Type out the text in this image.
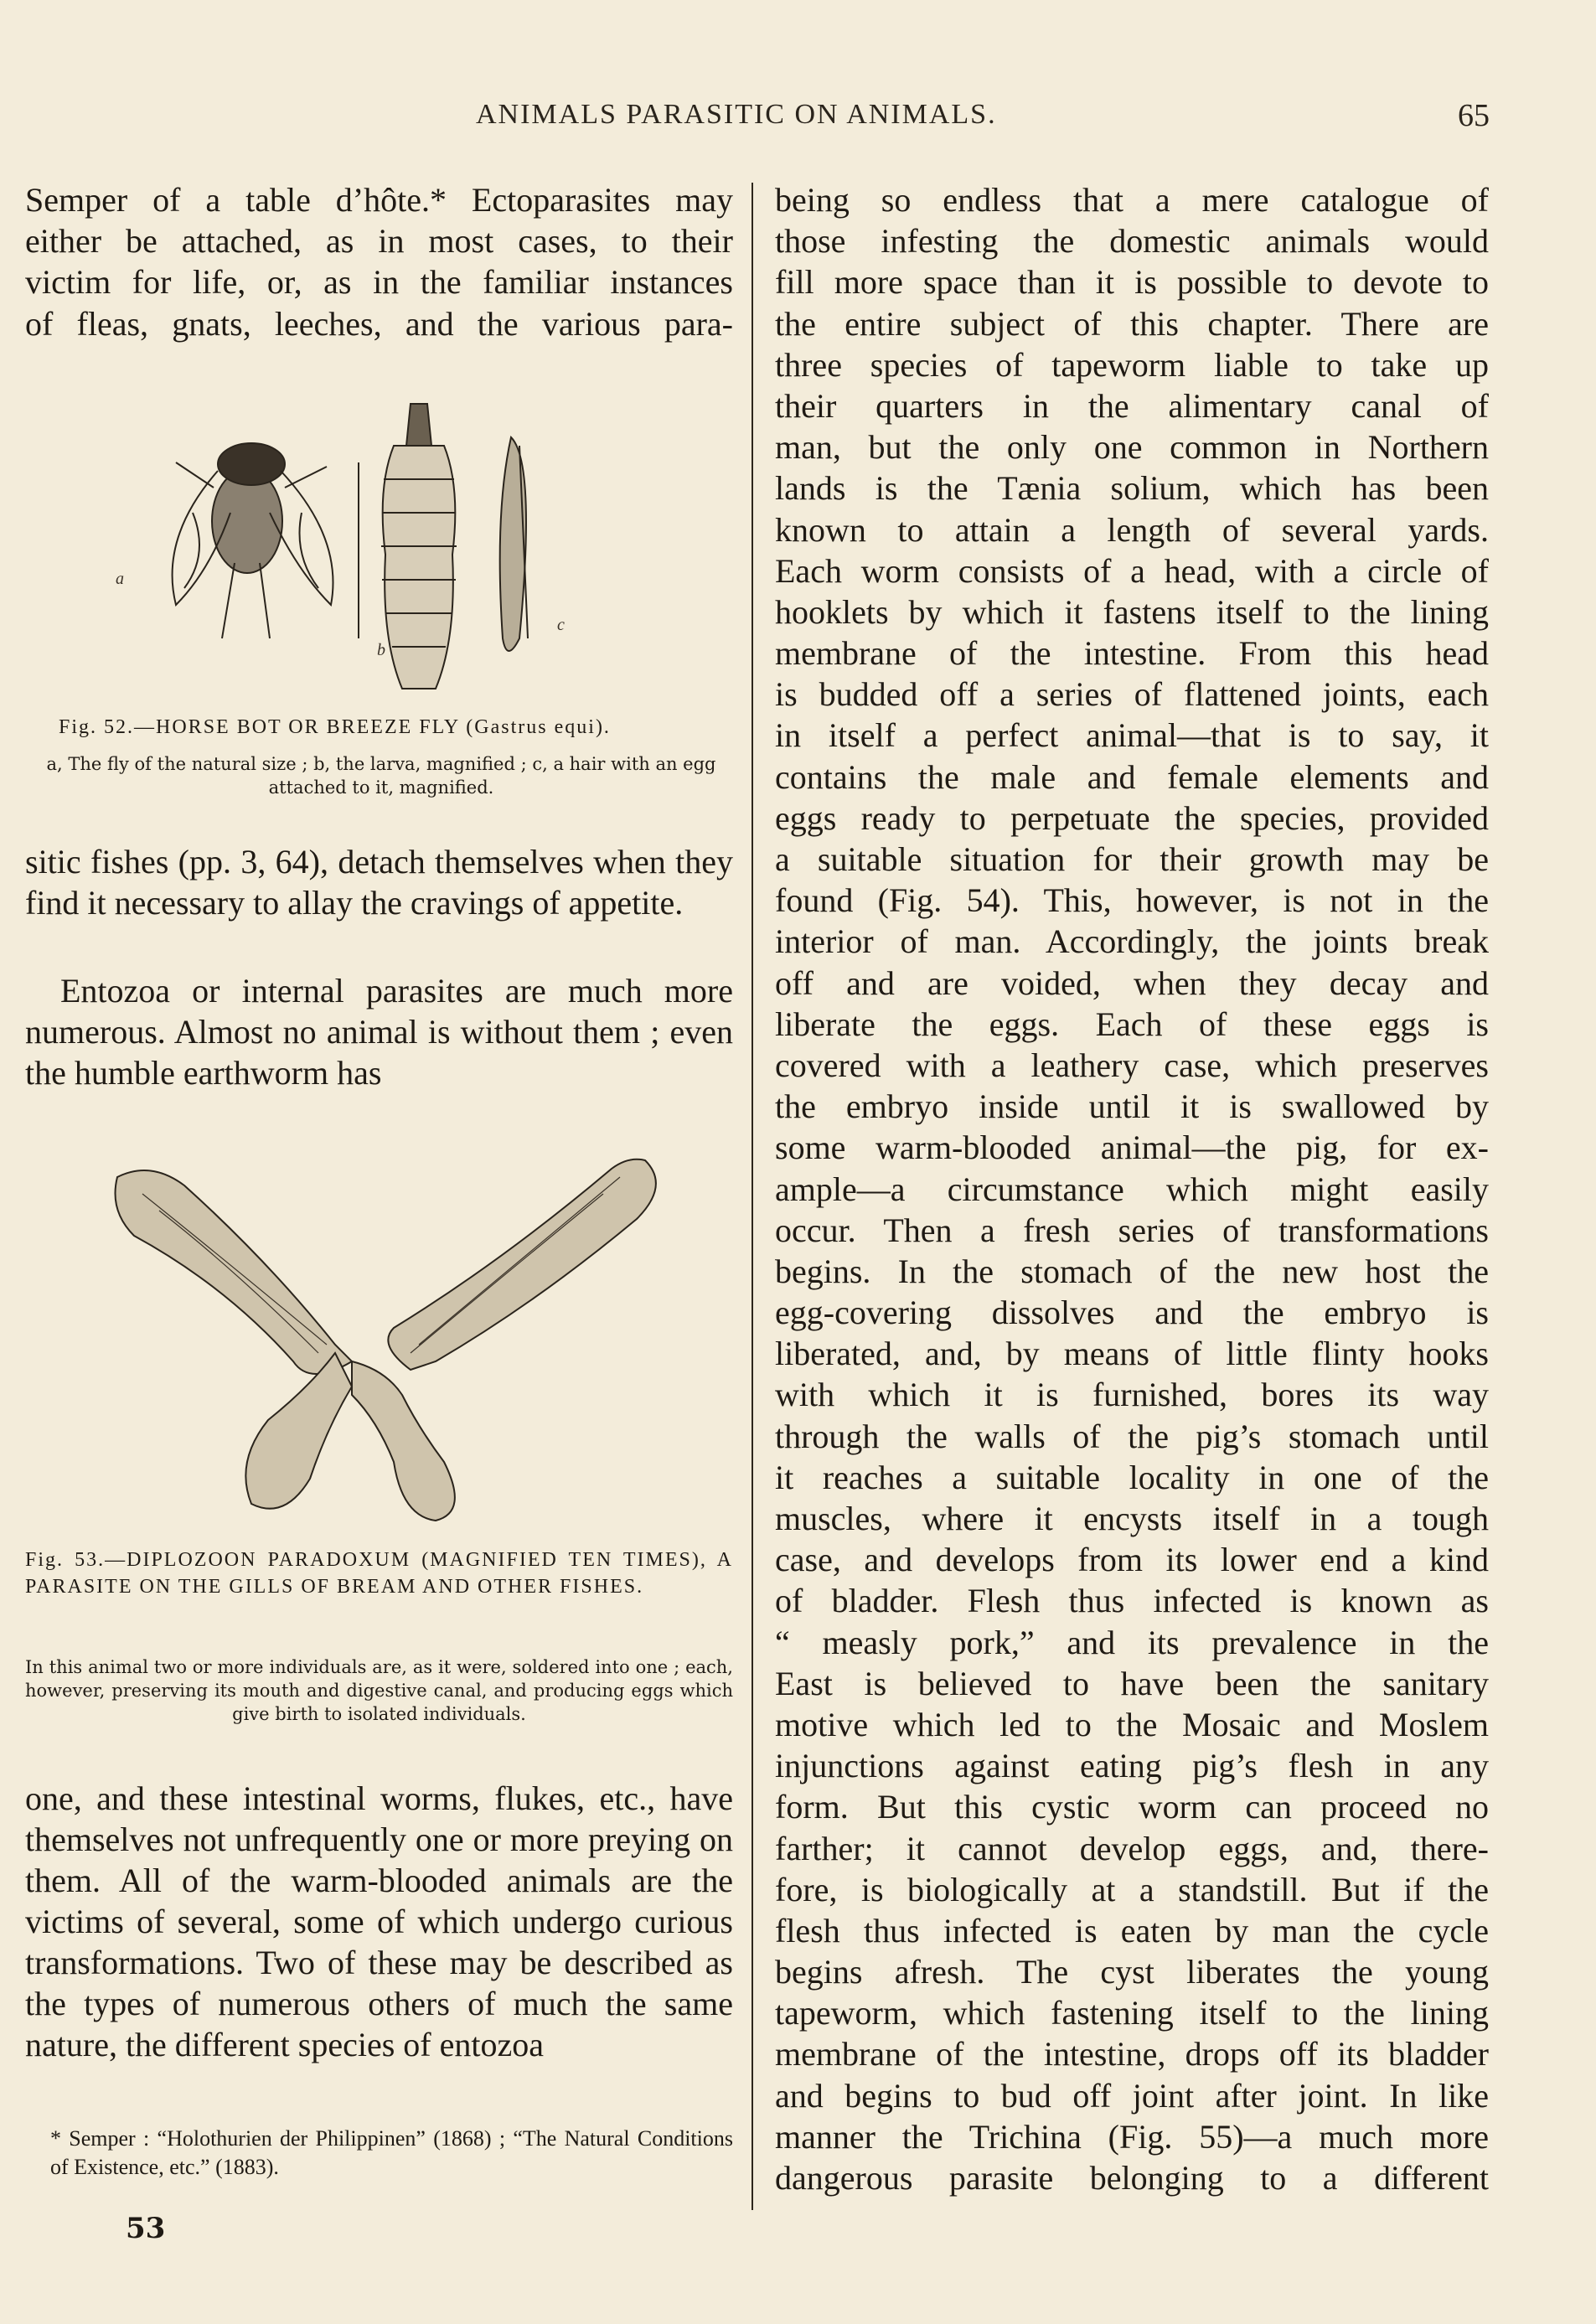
ANIMALS PARASITIC ON ANIMALS.	65
Semper of a table d’hôte.* Ectoparasites may
either be attached, as in most cases, to their
victim for life, or, as in the familiar instances
of fleas, gnats, leeches, and the various para-
a
b
c
Fig. 52.—HORSE BOT OR BREEZE FLY (Gastrus equi).
a, The fly of the natural size ; b, the larva, magnified ; c, a hair with an egg attached to it, magnified.

sitic fishes (pp. 3, 64), detach themselves when they find it necessary to allay the cravings of appetite.

Entozoa or internal parasites are much more numerous. Almost no animal is without them ; even the humble earthworm has

Fig. 53.—DIPLOZOON PARADOXUM (MAGNIFIED TEN TIMES), A PARASITE ON THE GILLS OF BREAM AND OTHER FISHES.
In this animal two or more individuals are, as it were, soldered into one ; each, however, preserving its mouth and digestive canal, and producing eggs which give birth to isolated individuals.

one, and these intestinal worms, flukes, etc., have themselves not unfrequently one or more preying on them. All of the warm-blooded animals are the victims of several, some of which undergo curious transformations. Two of these may be described as the types of numerous others of much the same nature, the different species of entozoa

* Semper : “Holothurien der Philippinen” (1868) ; “The Natural Conditions of Existence, etc.” (1883).
53
being so endless that a mere catalogue of
those infesting the domestic animals would
fill more space than it is possible to devote to
the entire subject of this chapter. There are
three species of tapeworm liable to take up
their quarters in the alimentary canal of
man, but the only one common in Northern
lands is the Tænia solium, which has been
known to attain a length of several yards.
Each worm consists of a head, with a circle of
hooklets by which it fastens itself to the lining
membrane of the intestine. From this head
is budded off a series of flattened joints, each
in itself a perfect animal—that is to say, it
contains the male and female elements and
eggs ready to perpetuate the species, provided
a suitable situation for their growth may be
found (Fig. 54). This, however, is not in the
interior of man. Accordingly, the joints break
off and are voided, when they decay and
liberate the eggs. Each of these eggs is
covered with a leathery case, which preserves
the embryo inside until it is swallowed by
some warm-blooded animal—the pig, for ex-
ample—a circumstance which might easily
occur. Then a fresh series of transformations
begins. In the stomach of the new host the
egg-covering dissolves and the embryo is
liberated, and, by means of little flinty hooks
with which it is furnished, bores its way
through the walls of the pig’s stomach until
it reaches a suitable locality in one of the
muscles, where it encysts itself in a tough
case, and develops from its lower end a kind
of bladder. Flesh thus infected is known as
“ measly pork,” and its prevalence in the
East is believed to have been the sanitary
motive which led to the Mosaic and Moslem
injunctions against eating pig’s flesh in any
form. But this cystic worm can proceed no
farther; it cannot develop eggs, and, there-
fore, is biologically at a standstill. But if the
flesh thus infected is eaten by man the cycle
begins afresh. The cyst liberates the young
tapeworm, which fastening itself to the lining
membrane of the intestine, drops off its bladder
and begins to bud off joint after joint. In like
manner the Trichina (Fig. 55)—a much more
dangerous parasite belonging to a different
